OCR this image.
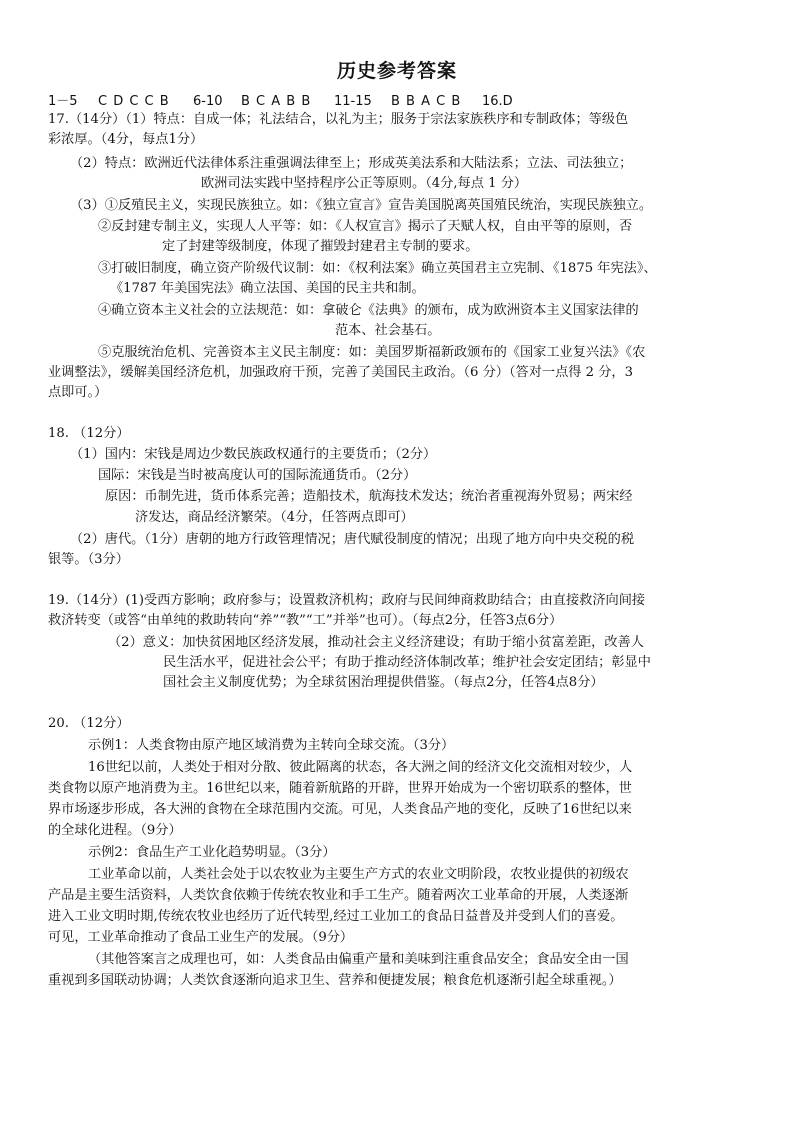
历史参考答案
1－5 C D C C B 6-10 B C A B B 11-15 B B A C B 16.D
17.（14分）（1）特点：自成一体；礼法结合，以礼为主；服务于宗法家族秩序和专制政体；等级色
彩浓厚。（4分，每点1分）
（2）特点：欧洲近代法律体系注重强调法律至上；形成英美法系和大陆法系；立法、司法独立；
欧洲司法实践中坚持程序公正等原则。（4分,每点 1 分）
（3）①反殖民主义，实现民族独立。如：《独立宣言》宣告美国脱离英国殖民统治，实现民族独立。
②反封建专制主义，实现人人平等：如：《人权宣言》揭示了天赋人权，自由平等的原则，否
定了封建等级制度，体现了摧毁封建君主专制的要求。
③打破旧制度，确立资产阶级代议制：如：《权利法案》确立英国君主立宪制、《1875 年宪法》、
《1787 年美国宪法》确立法国、美国的民主共和制。
④确立资本主义社会的立法规范：如：拿破仑《法典》的颁布，成为欧洲资本主义国家法律的
范本、社会基石。
⑤克服统治危机、完善资本主义民主制度：如：美国罗斯福新政颁布的《国家工业复兴法》《农
业调整法》，缓解美国经济危机，加强政府干预，完善了美国民主政治。（6 分）（答对一点得 2 分，3
点即可。）
18. （12分）
（1）国内：宋钱是周边少数民族政权通行的主要货币；（2分）
国际：宋钱是当时被高度认可的国际流通货币。（2分）
原因：币制先进，货币体系完善；造船技术，航海技术发达；统治者重视海外贸易；两宋经
济发达，商品经济繁荣。（4分，任答两点即可）
（2）唐代。（1分）唐朝的地方行政管理情况；唐代赋役制度的情况；出现了地方向中央交税的税
银等。（3分）
19.（14分）(1)受西方影响；政府参与；设置救济机构；政府与民间绅商救助结合；由直接救济向间接
救济转变（或答“由单纯的救助转向“养”“教”“工”并举”也可）。（每点2分，任答3点6分）
（2）意义：加快贫困地区经济发展，推动社会主义经济建设；有助于缩小贫富差距，改善人
民生活水平，促进社会公平；有助于推动经济体制改革；维护社会安定团结；彰显中
国社会主义制度优势；为全球贫困治理提供借鉴。（每点2分，任答4点8分）
20. （12分）
示例1：人类食物由原产地区域消费为主转向全球交流。（3分）
16世纪以前，人类处于相对分散、彼此隔离的状态，各大洲之间的经济文化交流相对较少，人
类食物以原产地消费为主。16世纪以来，随着新航路的开辟，世界开始成为一个密切联系的整体，世
界市场逐步形成，各大洲的食物在全球范围内交流。可见，人类食品产地的变化，反映了16世纪以来
的全球化进程。（9分）
示例2：食品生产工业化趋势明显。（3分）
工业革命以前，人类社会处于以农牧业为主要生产方式的农业文明阶段，农牧业提供的初级农
产品是主要生活资料，人类饮食依赖于传统农牧业和手工生产。随着两次工业革命的开展，人类逐渐
进入工业文明时期,传统农牧业也经历了近代转型,经过工业加工的食品日益普及并受到人们的喜爱。
可见，工业革命推动了食品工业生产的发展。（9分）
（其他答案言之成理也可，如：人类食品由偏重产量和美味到注重食品安全；食品安全由一国
重视到多国联动协调；人类饮食逐渐向追求卫生、营养和便捷发展；粮食危机逐渐引起全球重视。）
